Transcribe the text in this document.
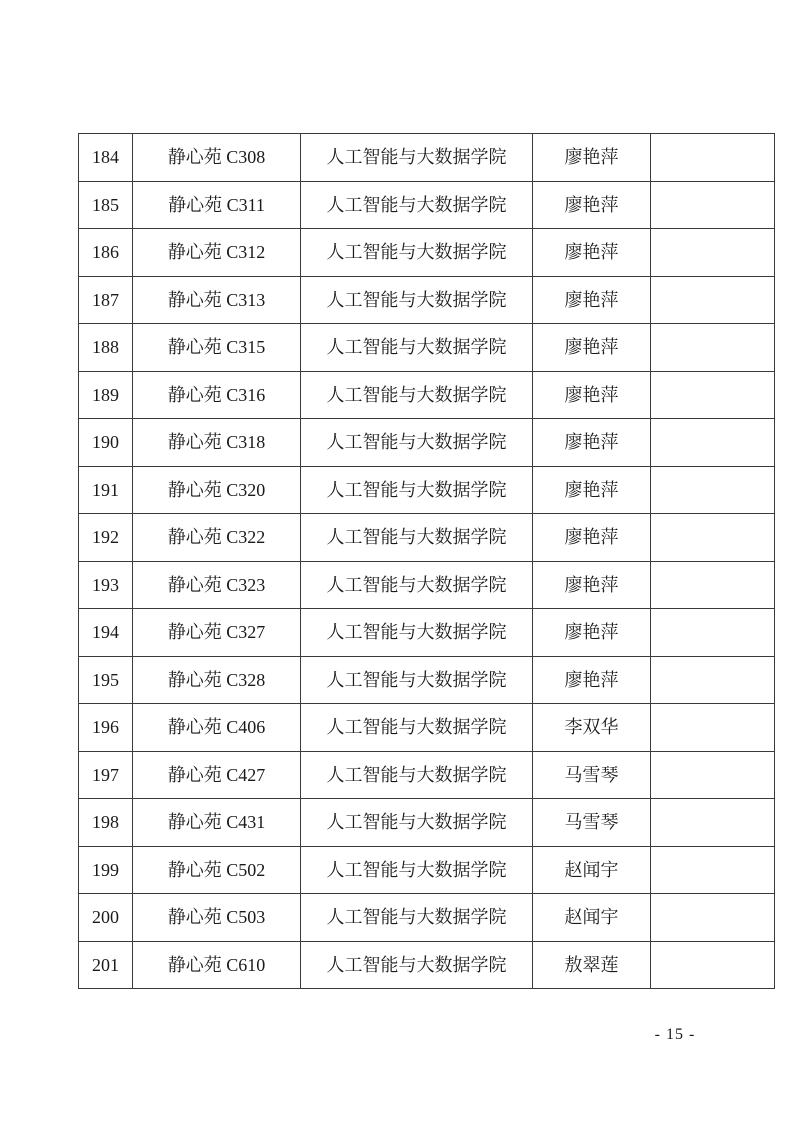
184	静心苑 C308	人工智能与大数据学院	廖艳萍	
185	静心苑 C311	人工智能与大数据学院	廖艳萍	
186	静心苑 C312	人工智能与大数据学院	廖艳萍	
187	静心苑 C313	人工智能与大数据学院	廖艳萍	
188	静心苑 C315	人工智能与大数据学院	廖艳萍	
189	静心苑 C316	人工智能与大数据学院	廖艳萍	
190	静心苑 C318	人工智能与大数据学院	廖艳萍	
191	静心苑 C320	人工智能与大数据学院	廖艳萍	
192	静心苑 C322	人工智能与大数据学院	廖艳萍	
193	静心苑 C323	人工智能与大数据学院	廖艳萍	
194	静心苑 C327	人工智能与大数据学院	廖艳萍	
195	静心苑 C328	人工智能与大数据学院	廖艳萍	
196	静心苑 C406	人工智能与大数据学院	李双华	
197	静心苑 C427	人工智能与大数据学院	马雪琴	
198	静心苑 C431	人工智能与大数据学院	马雪琴	
199	静心苑 C502	人工智能与大数据学院	赵闻宇	
200	静心苑 C503	人工智能与大数据学院	赵闻宇	
201	静心苑 C610	人工智能与大数据学院	敖翠莲	
- 15 -
